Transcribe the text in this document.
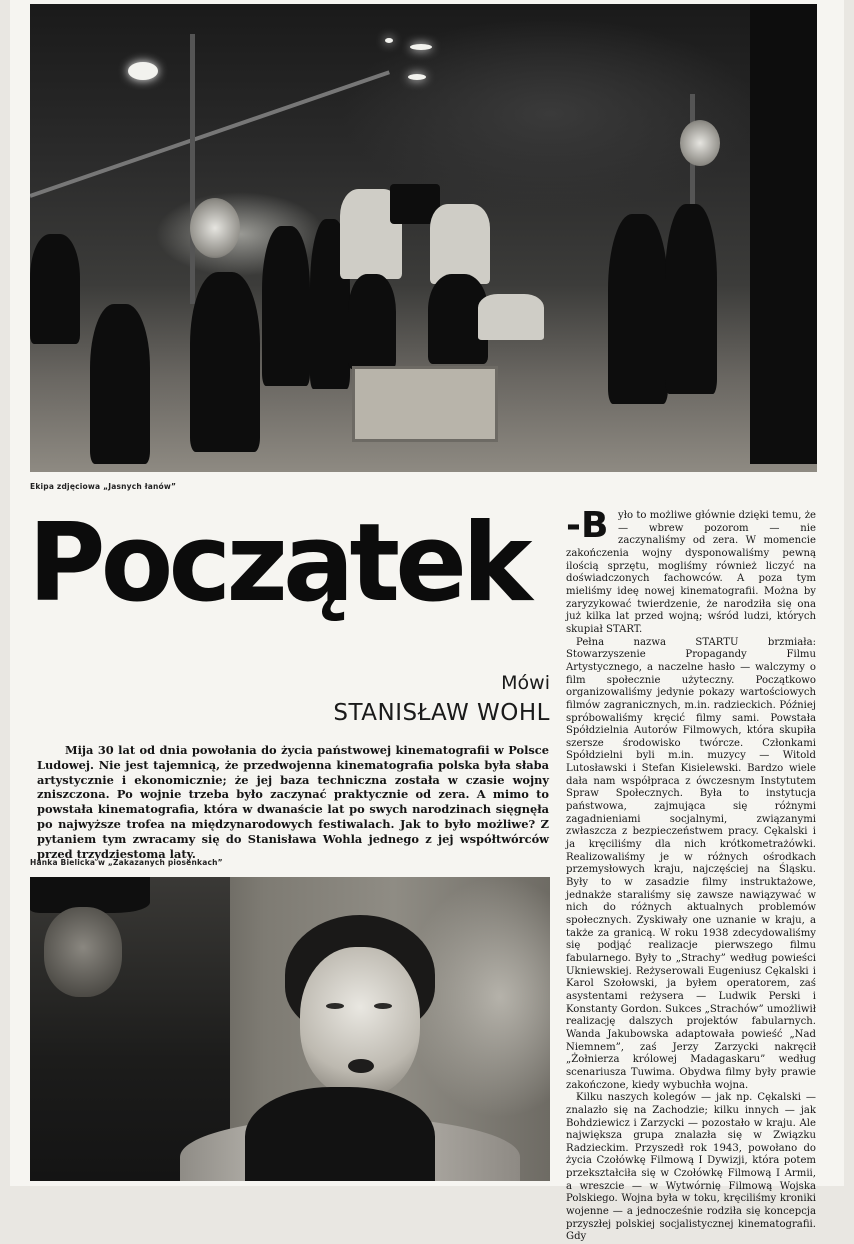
Ekipa zdjęciowa „Jasnych łanów”
Początek
Mówi
STANISŁAW WOHL
Mija 30 lat od dnia powołania do życia państwowej kinematografii w Polsce Ludowej. Nie jest tajemnicą, że przedwojenna kinematografia polska była słaba artystycznie i ekonomicznie; że jej baza techniczna została w czasie wojny zniszczona. Po wojnie trzeba było zaczynać praktycznie od zera. A mimo to powstała kinematografia, która w dwanaście lat po swych narodzinach sięgnęła po najwyższe trofea na międzynarodowych festiwalach. Jak to było możliwe? Z pytaniem tym zwracamy się do Stanisława Wohla jednego z jej współtwórców przed trzydziestoma laty.
Hanka Bielicka w „Zakazanych piosenkach”
-B yło to możliwe głównie dzięki temu, że — wbrew pozorom — nie zaczynaliśmy od zera. W momencie zakończenia wojny dysponowaliśmy pewną ilością sprzętu, mogliśmy również liczyć na doświadczonych fachowców. A poza tym mieliśmy ideę nowej kinematografii. Można by zaryzykować twierdzenie, że narodziła się ona już kilka lat przed wojną; wśród ludzi, których skupiał START.

Pełna nazwa STARTU brzmiała: Stowarzyszenie Propagandy Filmu Artystycznego, a naczelne hasło — walczymy o film społecznie użyteczny. Początkowo organizowaliśmy jedynie pokazy wartościowych filmów zagranicznych, m.in. radzieckich. Później spróbowaliśmy kręcić filmy sami. Powstała Spółdzielnia Autorów Filmowych, która skupiła szersze środowisko twórcze. Członkami Spółdzielni byli m.in. muzycy — Witold Lutosławski i Stefan Kisielewski. Bardzo wiele dała nam współpraca z ówczesnym Instytutem Spraw Społecznych. Była to instytucja państwowa, zajmująca się różnymi zagadnieniami socjalnymi, związanymi zwłaszcza z bezpieczeństwem pracy. Cękalski i ja kręciliśmy dla nich krótkometrażówki. Realizowaliśmy je w różnych ośrodkach przemysłowych kraju, najczęściej na Śląsku. Były to w zasadzie filmy instruktażowe, jednakże staraliśmy się zawsze nawiązywać w nich do różnych aktualnych problemów społecznych. Zyskiwały one uznanie w kraju, a także za granicą. W roku 1938 zdecydowaliśmy się podjąć realizacje pierwszego filmu fabularnego. Były to „Strachy” według powieści Ukniewskiej. Reżyserowali Eugeniusz Cękalski i Karol Szołowski, ja byłem operatorem, zaś asystentami reżysera — Ludwik Perski i Konstanty Gordon. Sukces „Strachów” umożliwił realizację dalszych projektów fabularnych. Wanda Jakubowska adaptowała powieść „Nad Niemnem”, zaś Jerzy Zarzycki nakręcił „Żołnierza królowej Madagaskaru” według scenariusza Tuwima. Obydwa filmy były prawie zakończone, kiedy wybuchła wojna.

Kilku naszych kolegów — jak np. Cękalski — znalazło się na Zachodzie; kilku innych — jak Bohdziewicz i Zarzycki — pozostało w kraju. Ale największa grupa znalazła się w Związku Radzieckim. Przyszedł rok 1943, powołano do życia Czołówkę Filmową I Dywizji, która potem przekształciła się w Czołówkę Filmową I Armii, a wreszcie — w Wytwórnię Filmową Wojska Polskiego. Wojna była w toku, kręciliśmy kroniki wojenne — a jednocześnie rodziła się koncepcja przyszłej polskiej socjalistycznej kinematografii. Gdy
